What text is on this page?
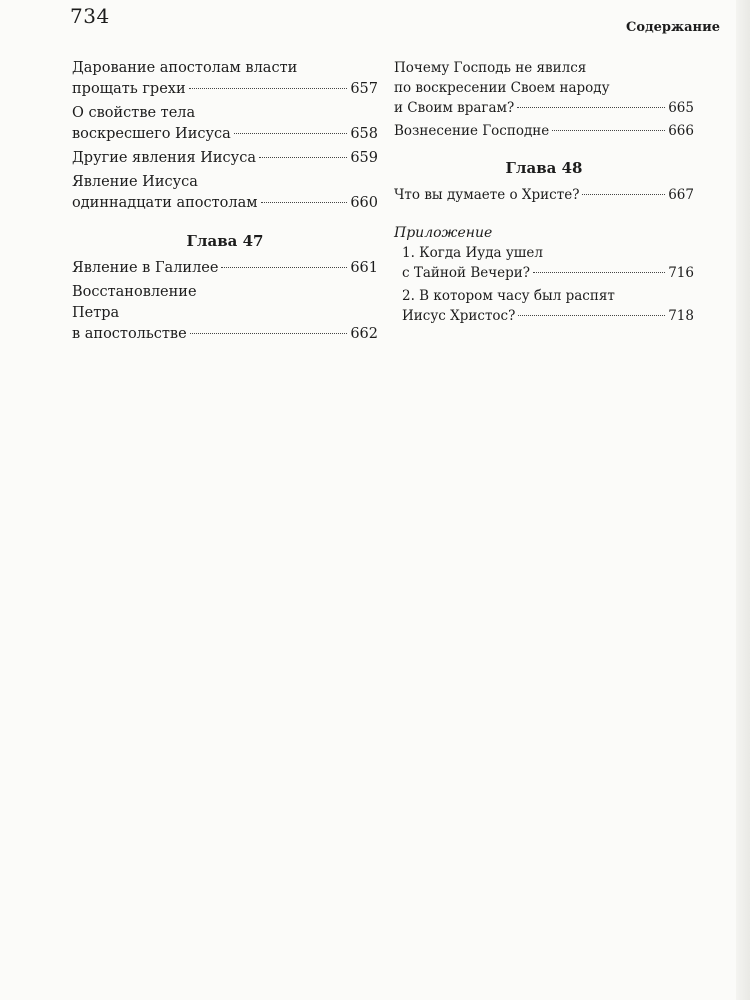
734	Содержание
Дарование апостолам власти
прощать грехи	657
О свойстве тела
воскресшего Иисуса	658
Другие явления Иисуса	659
Явление Иисуса
одиннадцати апостолам	660
Глава 47
Явление в Галилее	661
Восстановление
Петра
в апостольстве	662
Почему Господь не явился
по воскресении Своем народу
и Своим врагам?	665
Вознесение Господне	666
Глава 48
Что вы думаете о Христе?	667
Приложение
1. Когда Иуда ушел
с Тайной Вечери?	716
2. В котором часу был распят
Иисус Христос?	718
